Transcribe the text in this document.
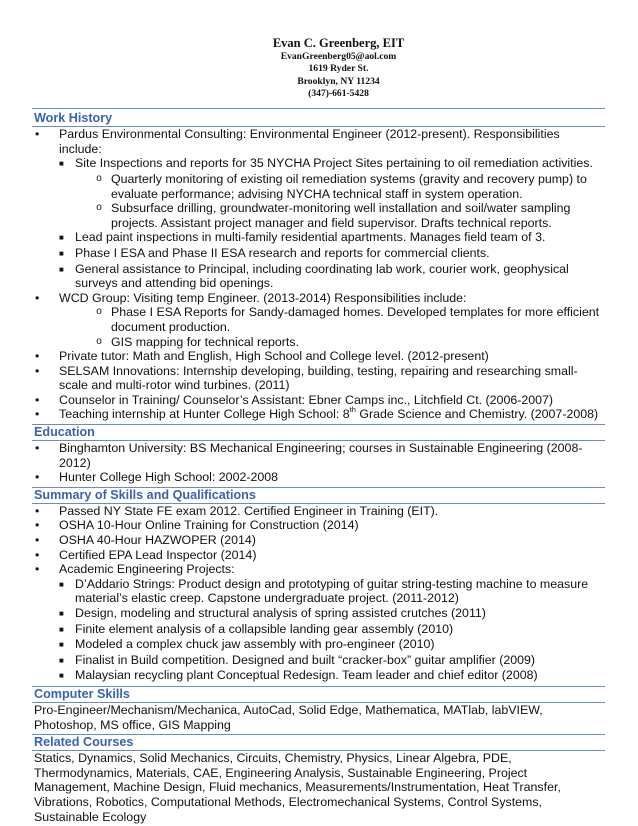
Evan C. Greenberg, EIT
EvanGreenberg05@aol.com
1619 Ryder St.
Brooklyn, NY 11234
(347)-661-5428
Work History
•	Pardus Environmental Consulting: Environmental Engineer (2012-present). Responsibilities include:
■ Site Inspections and reports for 35 NYCHA Project Sites pertaining to oil remediation activities.
o Quarterly monitoring of existing oil remediation systems (gravity and recovery pump) to evaluate performance; advising NYCHA technical staff in system operation.
o Subsurface drilling, groundwater-monitoring well installation and soil/water sampling projects. Assistant project manager and field supervisor. Drafts technical reports.
■ Lead paint inspections in multi-family residential apartments. Manages field team of 3.
■ Phase I ESA and Phase II ESA research and reports for commercial clients.
■ General assistance to Principal, including coordinating lab work, courier work, geophysical surveys and attending bid openings.
•	WCD Group: Visiting temp Engineer. (2013-2014) Responsibilities include:
o Phase I ESA Reports for Sandy-damaged homes. Developed templates for more efficient document production.
o GIS mapping for technical reports.
•	Private tutor: Math and English, High School and College level. (2012-present)
•	SELSAM Innovations: Internship developing, building, testing, repairing and researching small-scale and multi-rotor wind turbines. (2011)
•	Counselor in Training/ Counselor’s Assistant: Ebner Camps inc., Litchfield Ct. (2006-2007)
•	Teaching internship at Hunter College High School: 8th Grade Science and Chemistry. (2007-2008)
Education
•	Binghamton University: BS Mechanical Engineering; courses in Sustainable Engineering (2008-2012)
•	Hunter College High School: 2002-2008
Summary of Skills and Qualifications
•	Passed NY State FE exam 2012. Certified Engineer in Training (EIT).
•	OSHA 10-Hour Online Training for Construction (2014)
•	OSHA 40-Hour HAZWOPER (2014)
•	Certified EPA Lead Inspector (2014)
•	Academic Engineering Projects:
■ D’Addario Strings: Product design and prototyping of guitar string-testing machine to measure material’s elastic creep. Capstone undergraduate project. (2011-2012)
■ Design, modeling and structural analysis of spring assisted crutches (2011)
■ Finite element analysis of a collapsible landing gear assembly (2010)
■ Modeled a complex chuck jaw assembly with pro-engineer (2010)
■ Finalist in Build competition. Designed and built “cracker-box” guitar amplifier (2009)
■ Malaysian recycling plant Conceptual Redesign. Team leader and chief editor (2008)
Computer Skills
Pro-Engineer/Mechanism/Mechanica, AutoCad, Solid Edge, Mathematica, MATlab, labVIEW, Photoshop, MS office, GIS Mapping
Related Courses
Statics, Dynamics, Solid Mechanics, Circuits, Chemistry, Physics, Linear Algebra, PDE, Thermodynamics, Materials, CAE, Engineering Analysis, Sustainable Engineering, Project Management, Machine Design, Fluid mechanics, Measurements/Instrumentation, Heat Transfer, Vibrations, Robotics, Computational Methods, Electromechanical Systems, Control Systems, Sustainable Ecology
